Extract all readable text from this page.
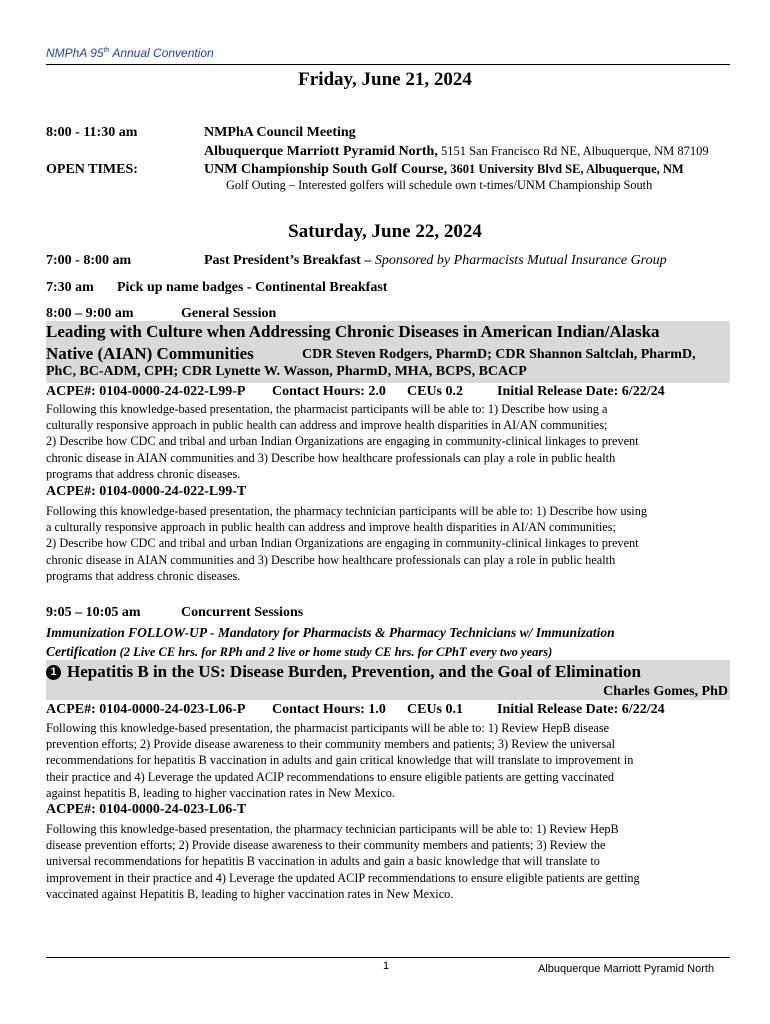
NMPhA 95th Annual Convention
Friday, June 21, 2024
8:00 - 11:30 am	NMPhA Council Meeting
Albuquerque Marriott Pyramid North, 5151 San Francisco Rd NE, Albuquerque, NM 87109
OPEN TIMES:	UNM Championship South Golf Course, 3601 University Blvd SE, Albuquerque, NM
Golf Outing – Interested golfers will schedule own t-times/UNM Championship South
Saturday, June 22, 2024
7:00 - 8:00 am	Past President’s Breakfast – Sponsored by Pharmacists Mutual Insurance Group
7:30 am Pick up name badges - Continental Breakfast
8:00 – 9:00 am	General Session
Leading with Culture when Addressing Chronic Diseases in American Indian/Alaska
Native (AIAN) Communities	CDR Steven Rodgers, PharmD; CDR Shannon Saltclah, PharmD,
PhC, BC-ADM, CPH; CDR Lynette W. Wasson, PharmD, MHA, BCPS, BCACP
ACPE#: 0104-0000-24-022-L99-P Contact Hours: 2.0 CEUs 0.2 Initial Release Date: 6/22/24
Following this knowledge-based presentation, the pharmacist participants will be able to: 1) Describe how using a
culturally responsive approach in public health can address and improve health disparities in AI/AN communities;
2) Describe how CDC and tribal and urban Indian Organizations are engaging in community-clinical linkages to prevent
chronic disease in AIAN communities and 3) Describe how healthcare professionals can play a role in public health
programs that address chronic diseases.
ACPE#: 0104-0000-24-022-L99-T
Following this knowledge-based presentation, the pharmacy technician participants will be able to: 1) Describe how using
a culturally responsive approach in public health can address and improve health disparities in AI/AN communities;
2) Describe how CDC and tribal and urban Indian Organizations are engaging in community-clinical linkages to prevent
chronic disease in AIAN communities and 3) Describe how healthcare professionals can play a role in public health
programs that address chronic diseases.
9:05 – 10:05 am	Concurrent Sessions
Immunization FOLLOW-UP - Mandatory for Pharmacists & Pharmacy Technicians w/ Immunization
Certification (2 Live CE hrs. for RPh and 2 live or home study CE hrs. for CPhT every two years)
1 Hepatitis B in the US: Disease Burden, Prevention, and the Goal of Elimination
Charles Gomes, PhD
ACPE#: 0104-0000-24-023-L06-P Contact Hours: 1.0 CEUs 0.1 Initial Release Date: 6/22/24
Following this knowledge-based presentation, the pharmacist participants will be able to: 1) Review HepB disease
prevention efforts; 2) Provide disease awareness to their community members and patients; 3) Review the universal
recommendations for hepatitis B vaccination in adults and gain critical knowledge that will translate to improvement in
their practice and 4) Leverage the updated ACIP recommendations to ensure eligible patients are getting vaccinated
against hepatitis B, leading to higher vaccination rates in New Mexico.
ACPE#: 0104-0000-24-023-L06-T
Following this knowledge-based presentation, the pharmacy technician participants will be able to: 1) Review HepB
disease prevention efforts; 2) Provide disease awareness to their community members and patients; 3) Review the
universal recommendations for hepatitis B vaccination in adults and gain a basic knowledge that will translate to
improvement in their practice and 4) Leverage the updated ACIP recommendations to ensure eligible patients are getting
vaccinated against Hepatitis B, leading to higher vaccination rates in New Mexico.
1	Albuquerque Marriott Pyramid North
